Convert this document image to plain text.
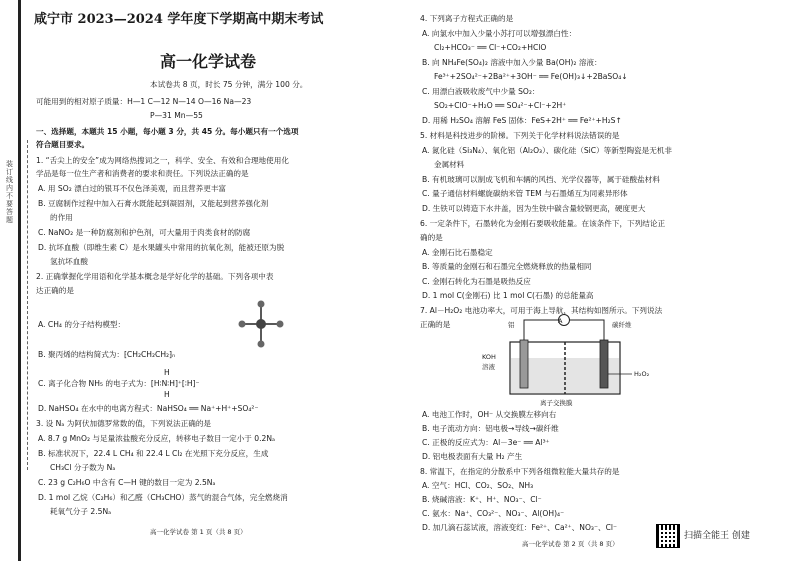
装订线内不要答题
咸宁市 2023—2024 学年度下学期高中期末考试
高一化学试卷
本试卷共 8 页，时长 75 分钟，满分 100 分。
可能用到的相对原子质量：H—1 C—12 N—14 O—16 Na—23
P—31 Mn—55
一、选择题，本题共 15 小题，每小题 3 分，共 45 分。每小题只有一个选项
符合题目要求。
1. “舌尖上的安全”成为网络热搜词之一，科学、安全、有效和合理地使用化
学品是每一位生产者和消费者的要求和责任。下列说法正确的是
A. 用 SO₂ 漂白过的银耳不仅色泽美观，而且营养更丰富
B. 豆腐制作过程中加入石膏水既能起到凝固剂，又能起到营养强化剂
的作用
C. NaNO₂ 是一种防腐剂和护色剂，可大量用于肉类食材的防腐
D. 抗坏血酸（即维生素 C）是水果罐头中常用的抗氧化剂，能被还原为脱
氢抗坏血酸
2. 正确掌握化学用语和化学基本概念是学好化学的基础。下列各项中表
达正确的是
A. CH₄ 的分子结构模型：
B. 聚丙烯的结构简式为：⁅CH₂CH₂CH₂⁆ₙ
H
C. 离子化合物 NH₅ 的电子式为：[H∶N∶H]⁺[∶H]⁻
H
D. NaHSO₄ 在水中的电离方程式：NaHSO₄ ══ Na⁺+H⁺+SO₄²⁻
3. 设 Nₐ 为阿伏加德罗常数的值，下列说法正确的是
A. 8.7 g MnO₂ 与足量浓盐酸充分反应，转移电子数目一定小于 0.2Nₐ
B. 标准状况下，22.4 L CH₄ 和 22.4 L Cl₂ 在光照下充分反应，生成
CH₃Cl 分子数为 Nₐ
C. 23 g C₂H₆O 中含有 C—H 键的数目一定为 2.5Nₐ
D. 1 mol 乙烷（C₂H₆）和乙醛（CH₃CHO）蒸气的混合气体，完全燃烧消
耗氧气分子 2.5Nₐ
高一化学试卷 第 1 页（共 8 页）
4. 下列离子方程式正确的是
A. 向氯水中加入少量小苏打可以增强漂白性：
Cl₂+HCO₃⁻ ══ Cl⁻+CO₂+HClO
B. 向 NH₄Fe(SO₄)₂ 溶液中加入少量 Ba(OH)₂ 溶液：
Fe³⁺+2SO₄²⁻+2Ba²⁺+3OH⁻ ══ Fe(OH)₃↓+2BaSO₄↓
C. 用漂白液吸收废气中少量 SO₂：
SO₂+ClO⁻+H₂O ══ SO₄²⁻+Cl⁻+2H⁺
D. 用稀 H₂SO₄ 溶解 FeS 固体：FeS+2H⁺ ══ Fe²⁺+H₂S↑
5. 材料是科技进步的阶梯。下列关于化学材料说法错误的是
A. 氮化硅（Si₃N₄）、氧化铝（Al₂O₃）、碳化硅（SiC）等新型陶瓷是无机非
金属材料
B. 有机玻璃可以制成飞机和车辆的风挡、光学仪器等，属于硅酸盐材料
C. 量子通信材料螺旋碳纳米管 TEM 与石墨烯互为同素异形体
D. 生铁可以铸造下水井盖，因为生铁中碳含量较钢更高，硬度更大
6. 一定条件下，石墨转化为金刚石要吸收能量。在该条件下，下列结论正
确的是
A. 金刚石比石墨稳定
B. 等质量的金刚石和石墨完全燃烧释放的热量相同
C. 金刚石转化为石墨是吸热反应
D. 1 mol C(金刚石) 比 1 mol C(石墨) 的总能量高
7. Al－H₂O₂ 电池功率大，可用于海上导航，其结构如图所示。下列说法
正确的是	A
铝	碳纤维
KOH
溶液
H₂O₂
离子交换膜
A. 电池工作时，OH⁻ 从交换膜左移向右
B. 电子流动方向：铝电极→导线→碳纤维
C. 正极的反应式为：Al－3e⁻ ══ Al³⁺
D. 铝电极表面有大量 H₂ 产生
8. 常温下，在指定的分散系中下列各组微粒能大量共存的是
A. 空气：HCl、CO₂、SO₂、NH₃
B. 烧碱溶液：K⁺、H⁺、NO₃⁻、Cl⁻
C. 氨水：Na⁺、CO₃²⁻、NO₃⁻、Al(OH)₄⁻
D. 加几滴石蕊试液，溶液变红：Fe²⁺、Ca²⁺、NO₃⁻、Cl⁻
高一化学试卷 第 2 页（共 8 页）
扫描全能王 创建
